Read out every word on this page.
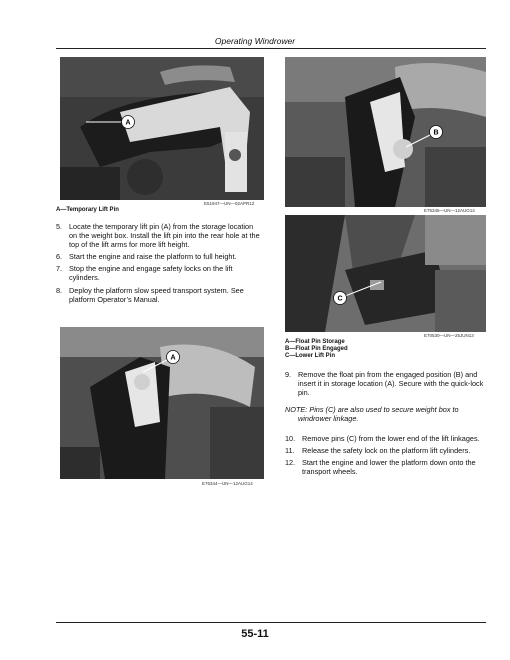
Operating Windrower
A
E51947—UN—02APR12
A—Temporary Lift Pin
B
E76345—UN—12AUG14
C
E70530—UN—25JUN13
A—Float Pin Storage
B—Float Pin Engaged
C—Lower Lift Pin
5. Locate the temporary lift pin (A) from the storage location on the weight box. Install the lift pin into the rear hole at the top of the lift arms for more lift height.
6. Start the engine and raise the platform to full height.
7. Stop the engine and engage safety locks on the lift cylinders.
8. Deploy the platform slow speed transport system. See platform Operator’s Manual.
A
E76344—UN—12AUG14
9. Remove the float pin from the engaged position (B) and insert it in storage location (A). Secure with the quick-lock pin.
NOTE: Pins (C) are also used to secure weight box to
windrower linkage.
10. Remove pins (C) from the lower end of the lift linkages.
11.	Release the safety lock on the platform lift cylinders.
12. Start the engine and lower the platform down onto the transport wheels.
55-11
